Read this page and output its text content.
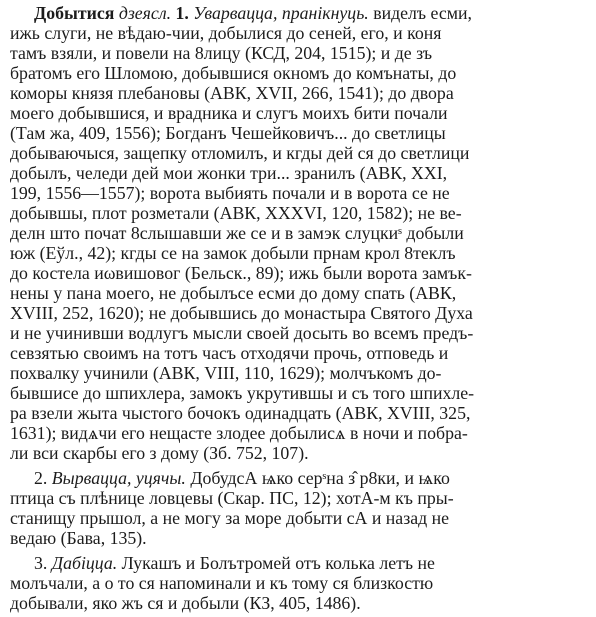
Добытися дзеясл. 1. Уварваццa, пранікнуць. виделъ есми,
ижь слуги, не вѣдаю-чии, добылися до сеней, его, и коня
тамъ взяли, и повели на 8лицу (КСД, 204, 1515); и де зъ
братомъ его Шломою, добывшися окномъ до комънаты, до
коморы князя плебановы (АВК, XVII, 266, 1541); до двора
моего добывшися, и врадника и слугъ моихъ бити почали
(Там жа, 409, 1556); Богданъ Чешейковичъ... до светлицы
добываючыся, защепку отломилъ, и кгды дей ся до светлици
добылъ, челеди дей мои жонки три... зранилъ (АВК, XXI,
199, 1556—1557); ворота выбиять почали и в ворота се не
добывшы, плот розметали (АВК, XXXVI, 120, 1582); не ве-
делн што почат 8слышавши же се и в замэк слуцкиˢ добыли
юж (Еўл., 42); кгды се на замок добыли прнам крол 8теклъ
до костела иωвишовог (Бельск., 89); ижь были ворота замък-
нены у пана моего, не добылъсе есми до дому спать (АВК,
XVIII, 252, 1620); не добывшись до монастыра Святого Духа
и не учинивши водлугъ мысли своей досыть во всемъ предъ-
севзятью своимъ на тотъ часъ отходячи прочь, отповедь и
похвалку учинили (АВК, VIII, 110, 1629); молчъкомъ до-
бывшисе до шпихлера, замокъ укрутившы и съ того шпихле-
ра взели жыта чыстого бочокъ одинадцать (АВК, XVIII, 325,
1631); видѧчи его нещасте злодее добылисѧ в ночи и побра-
ли вси скарбы его з дому (Зб. 752, 107).
2. Вырвацца, уцячы. ДобудсА ѩко серˢна з̂ р8ки, и ѩко
птица съ плѣнице ловцевы (Скар. ПС, 12); хотА-м къ пры-
станищу прышол, а не могу за море добыти сА и назад не
ведаю (Бава, 135).
3. Дабіцца. Лукашъ и Болътромей отъ колька летъ не
молъчали, а о то ся напоминали и къ тому ся близкостю
добывали, яко жъ ся и добыли (КЗ, 405, 1486).
